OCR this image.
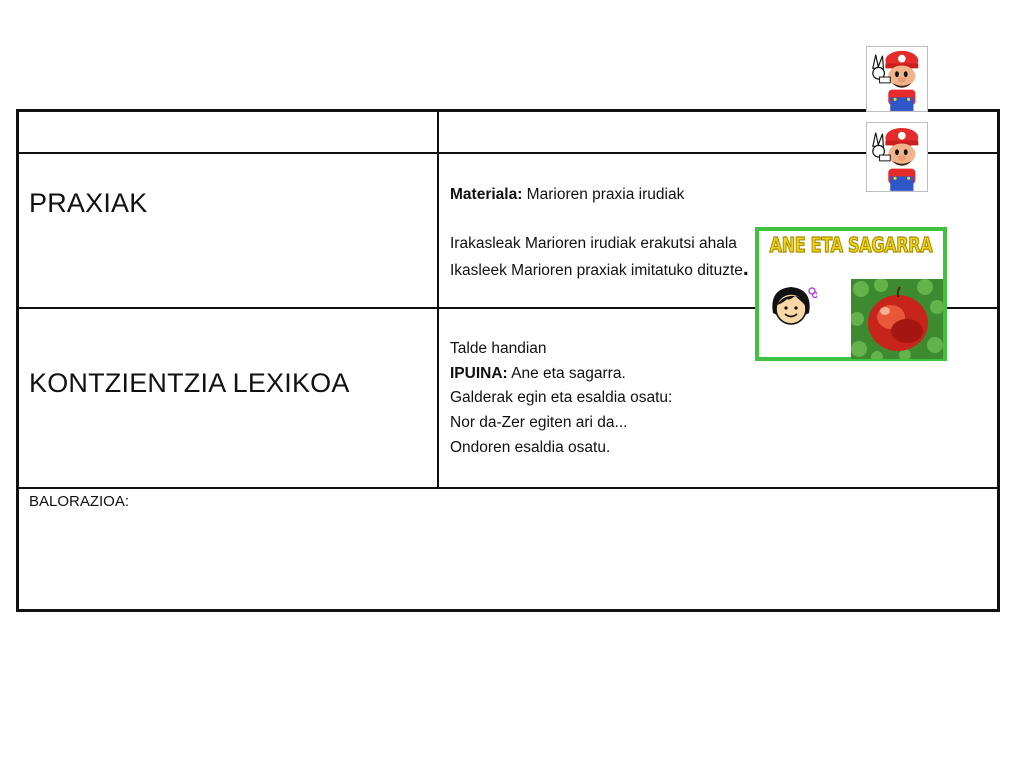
PRAXIAK	Materiala: Marioren praxia irudiak
Irakasleak Marioren irudiak erakutsi ahala
Ikasleek Marioren praxiak imitatuko dituzte.
KONTZIENTZIA LEXIKOA
Talde handian
IPUINA: Ane eta sagarra.
Galderak egin eta esaldia osatu:
Nor da-Zer egiten ari da...
Ondoren esaldia osatu.
BALORAZIOA:
ANE ETA SAGARRA
